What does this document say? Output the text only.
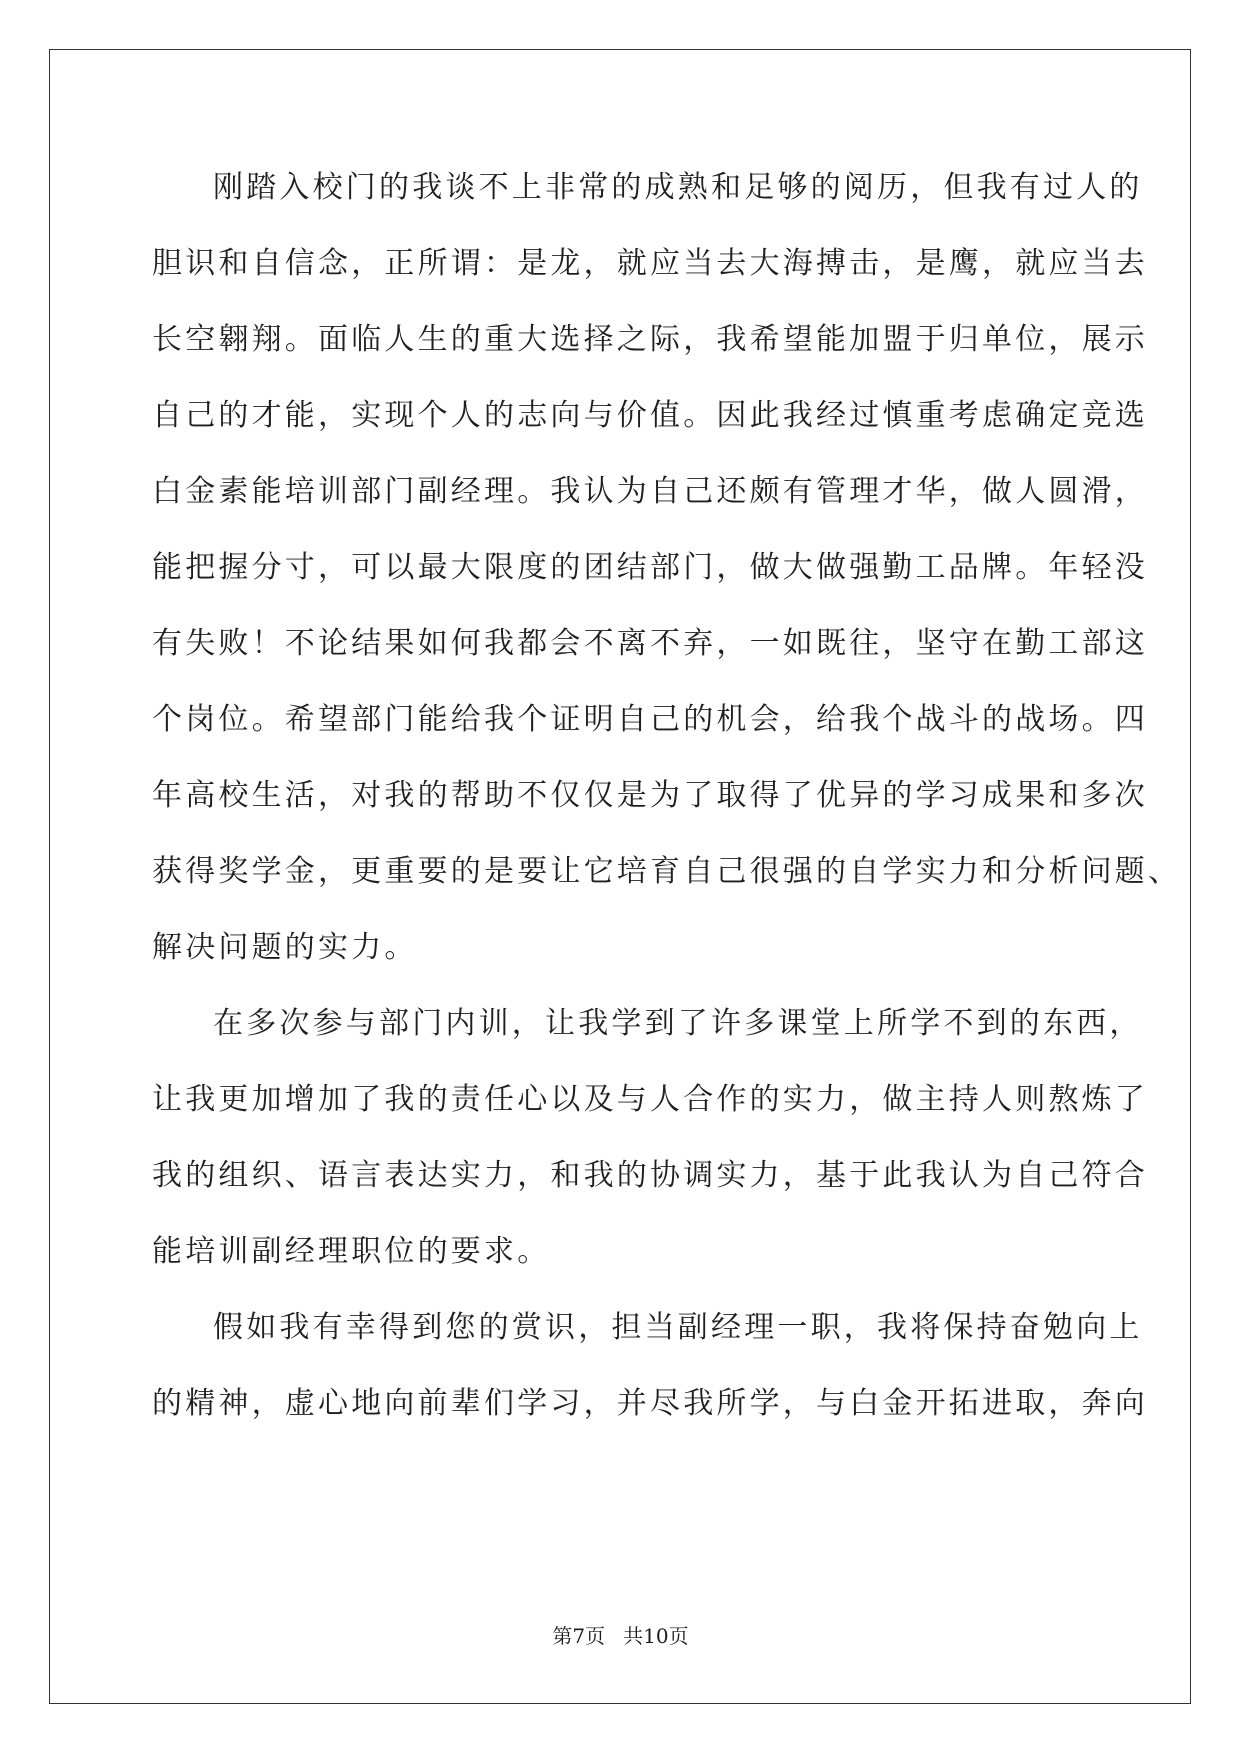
刚踏入校门的我谈不上非常的成熟和足够的阅历，但我有过人的
胆识和自信念，正所谓：是龙，就应当去大海搏击，是鹰，就应当去
长空翱翔。面临人生的重大选择之际，我希望能加盟于归单位，展示
自己的才能，实现个人的志向与价值。因此我经过慎重考虑确定竞选
白金素能培训部门副经理。我认为自己还颇有管理才华，做人圆滑，
能把握分寸，可以最大限度的团结部门，做大做强勤工品牌。年轻没
有失败！不论结果如何我都会不离不弃，一如既往，坚守在勤工部这
个岗位。希望部门能给我个证明自己的机会，给我个战斗的战场。四
年高校生活，对我的帮助不仅仅是为了取得了优异的学习成果和多次
获得奖学金，更重要的是要让它培育自己很强的自学实力和分析问题、
解决问题的实力。
在多次参与部门内训，让我学到了许多课堂上所学不到的东西，
让我更加增加了我的责任心以及与人合作的实力，做主持人则熬炼了
我的组织、语言表达实力，和我的协调实力，基于此我认为自己符合
能培训副经理职位的要求。
假如我有幸得到您的赏识，担当副经理一职，我将保持奋勉向上
的精神，虚心地向前辈们学习，并尽我所学，与白金开拓进取，奔向
第7页 共10页
